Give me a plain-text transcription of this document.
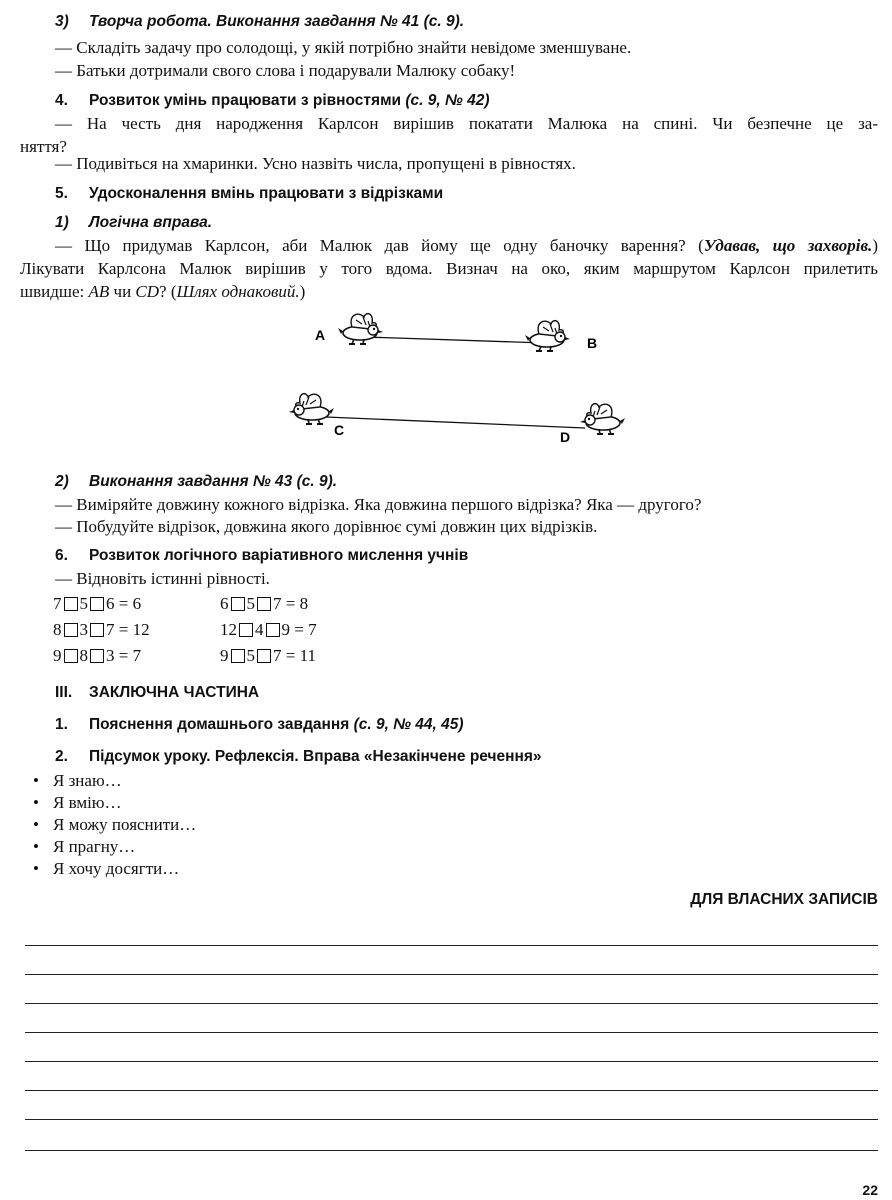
3) Творча робота. Виконання завдання № 41 (с. 9).
— Складіть задачу про солодощі, у якій потрібно знайти невідоме зменшуване.
— Батьки дотримали свого слова і подарували Малюку собаку!
4. Розвиток умінь працювати з рівностями (с. 9, № 42)
— На честь дня народження Карлсон вирішив покатати Малюка на спині. Чи безпечне це за-
няття?
— Подивіться на хмаринки. Усно назвіть числа, пропущені в рівностях.
5. Удосконалення вмінь працювати з відрізками
1) Логічна вправа.
— Що придумав Карлсон, аби Малюк дав йому ще одну баночку варення? (Удавав, що захворів.)
Лікувати Карлсона Малюк вирішив у того вдома. Визнач на око, яким маршрутом Карлсон прилетить
швидше: AB чи CD? (Шлях однаковий.)
A	B
C	D
2) Виконання завдання № 43 (с. 9).
— Виміряйте довжину кожного відрізка. Яка довжина першого відрізка? Яка — другого?
— Побудуйте відрізок, довжина якого дорівнює сумі довжин цих відрізків.
6. Розвиток логічного варіативного мислення учнів
— Відновіть істинні рівності.
7 5 6 = 6
8 3 7 = 12
9 8 3 = 7
6 5 7 = 8
12 4 9 = 7
9 5 7 = 11
III. ЗАКЛЮЧНА ЧАСТИНА
1. Пояснення домашнього завдання (с. 9, № 44, 45)
2. Підсумок уроку. Рефлексія. Вправа «Незакінчене речення»
• Я знаю…
• Я вмію…
• Я можу пояснити…
• Я прагну…
• Я хочу досягти…
ДЛЯ ВЛАСНИХ ЗАПИСІВ
22
